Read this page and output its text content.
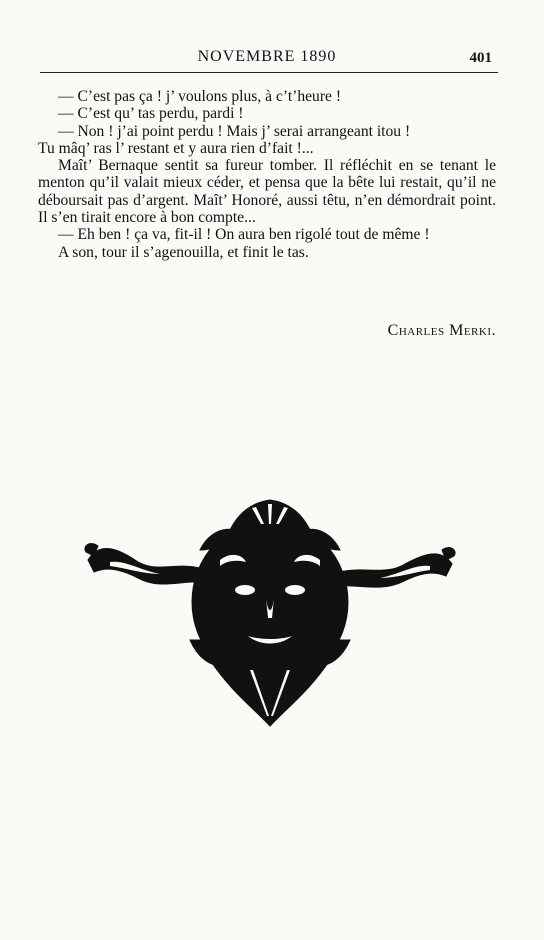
NOVEMBRE 1890	401

— C’est pas ça ! j’ voulons plus, à c’t’heure !

— C’est qu’ tas perdu, pardi !

— Non ! j’ai point perdu ! Mais j’ serai arrangeant itou !

Tu mâq’ ras l’ restant et y aura rien d’fait !...

Maît’ Bernaque sentit sa fureur tomber. Il réfléchit en se tenant le menton qu’il valait mieux céder, et pensa que la bête lui restait, qu’il ne déboursait pas d’argent. Maît’ Honoré, aussi têtu, n’en démordrait point. Il s’en tirait encore à bon compte...

— Eh ben ! ça va, fit-il ! On aura ben rigolé tout de même !

A son, tour il s’agenouilla, et finit le tas.

Charles Merki.
